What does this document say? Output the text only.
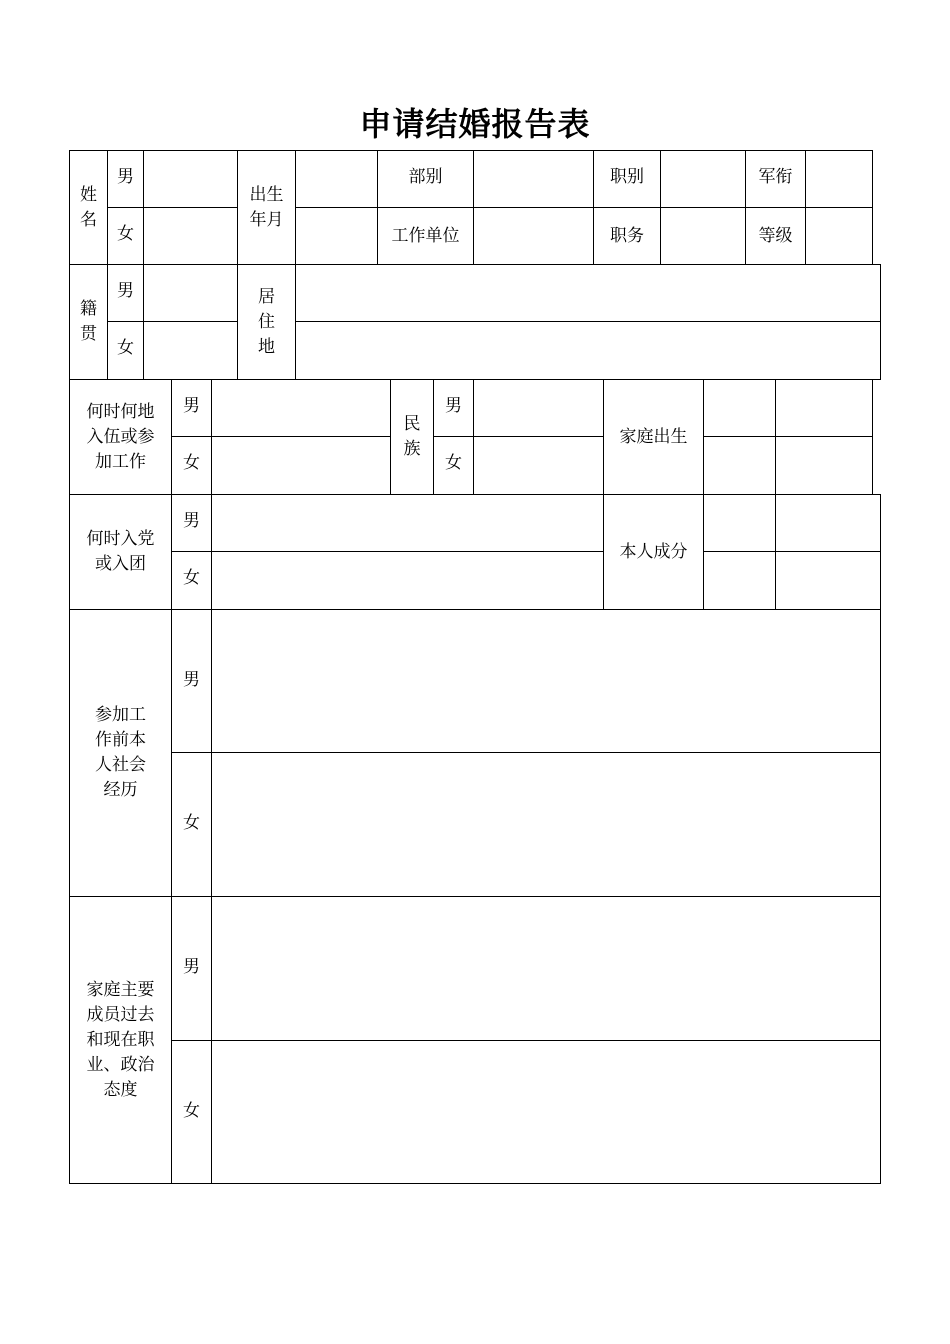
申请结婚报告表
姓名
男
女
出生年月
部别
工作单位
职别
职务
军衔
等级
籍贯
男
女
居住地
何时何地入伍或参加工作
男
女
民族
男
女
家庭出生
何时入党或入团
男
女
本人成分
参加工作前本人社会经历
男
女
家庭主要成员过去和现在职业、政治态度
男
女
